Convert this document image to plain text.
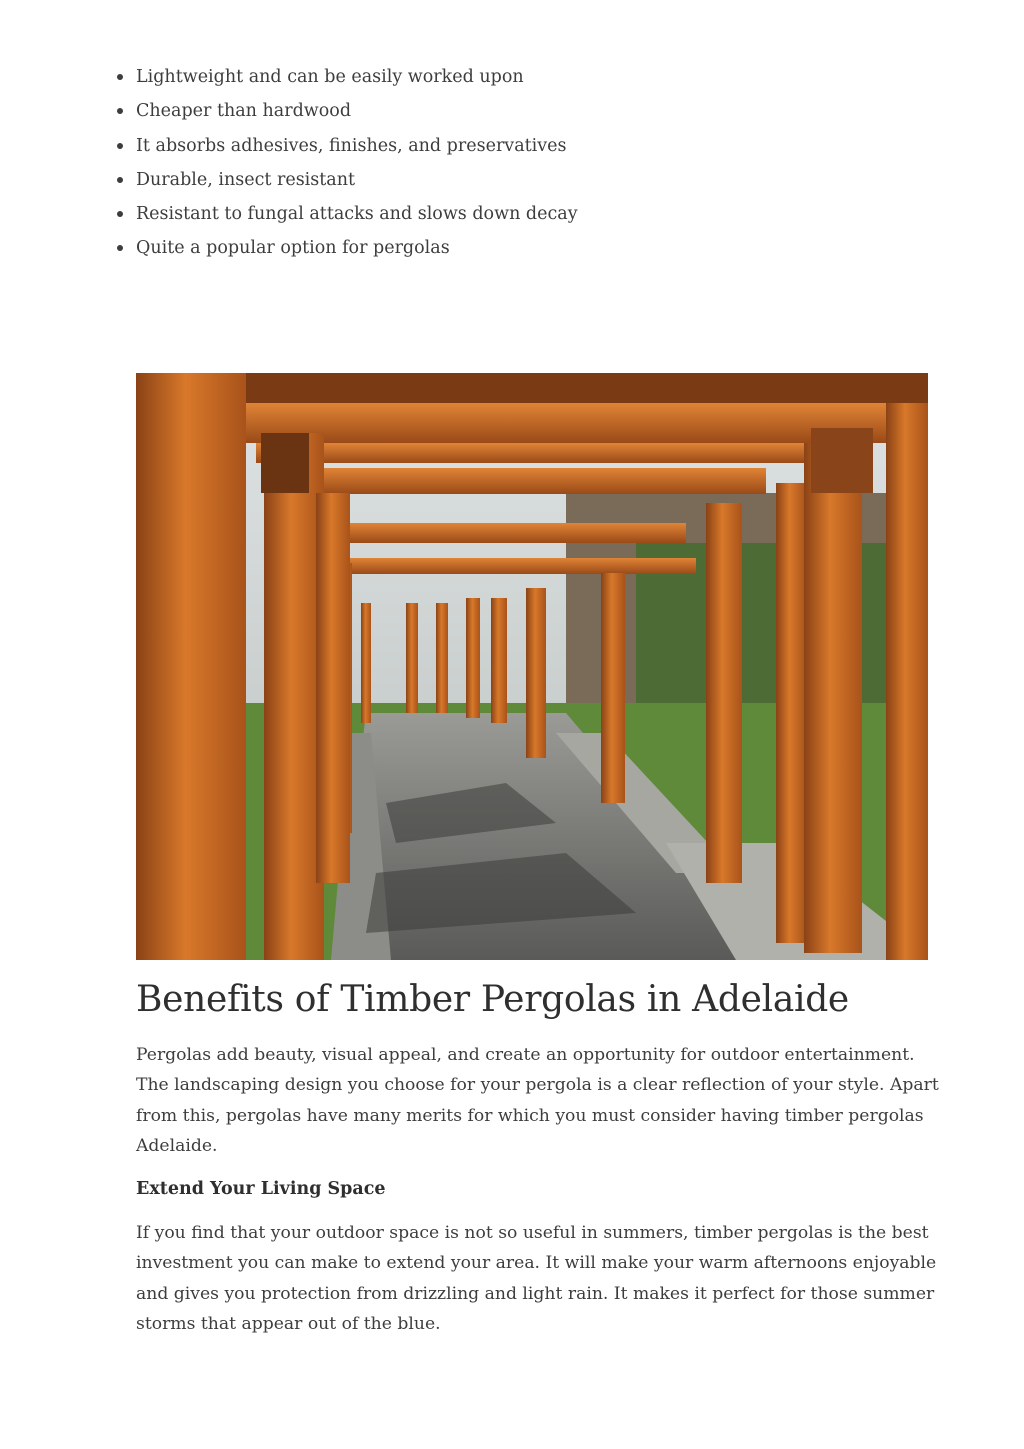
Lightweight and can be easily worked upon
Cheaper than hardwood
It absorbs adhesives, finishes, and preservatives
Durable, insect resistant
Resistant to fungal attacks and slows down decay
Quite a popular option for pergolas
Benefits of Timber Pergolas in Adelaide

Pergolas add beauty, visual appeal, and create an opportunity for outdoor entertainment.
The landscaping design you choose for your pergola is a clear reflection of your style. Apart
from this, pergolas have many merits for which you must consider having timber pergolas
Adelaide.

Extend Your Living Space

If you find that your outdoor space is not so useful in summers, timber pergolas is the best
investment you can make to extend your area. It will make your warm afternoons enjoyable
and gives you protection from drizzling and light rain. It makes it perfect for those summer
storms that appear out of the blue.
